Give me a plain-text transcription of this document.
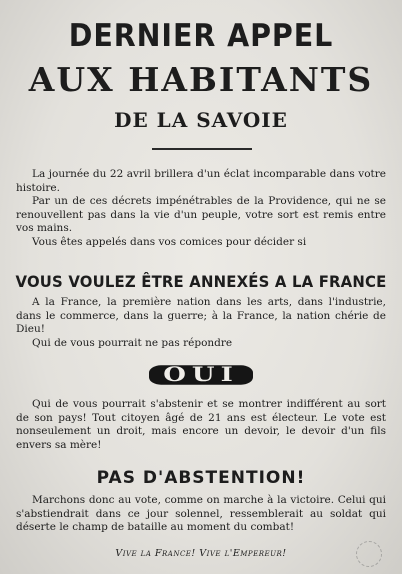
DERNIER APPEL
AUX HABITANTS
DE LA SAVOIE

La journée du 22 avril brillera d'un éclat incomparable dans votre histoire.

Par un de ces décrets impénétrables de la Providence, qui ne se renouvellent pas dans la vie d'un peuple, votre sort est remis entre vos mains.

Vous êtes appelés dans vos comices pour décider si

VOUS VOULEZ ÊTRE ANNEXÉS A LA FRANCE

A la France, la première nation dans les arts, dans l'industrie, dans le commerce, dans la guerre; à la France, la nation chérie de Dieu!

Qui de vous pourrait ne pas répondre

OUI

Qui de vous pourrait s'abstenir et se montrer indifférent au sort de son pays! Tout citoyen âgé de 21 ans est électeur. Le vote est nonseulement un droit, mais encore un devoir, le devoir d'un fils envers sa mère!

PAS D'ABSTENTION!

Marchons donc au vote, comme on marche à la victoire. Celui qui s'abstiendrait dans ce jour solennel, ressemblerait au soldat qui déserte le champ de bataille au moment du combat!

Vive la France! Vive l'Empereur!
